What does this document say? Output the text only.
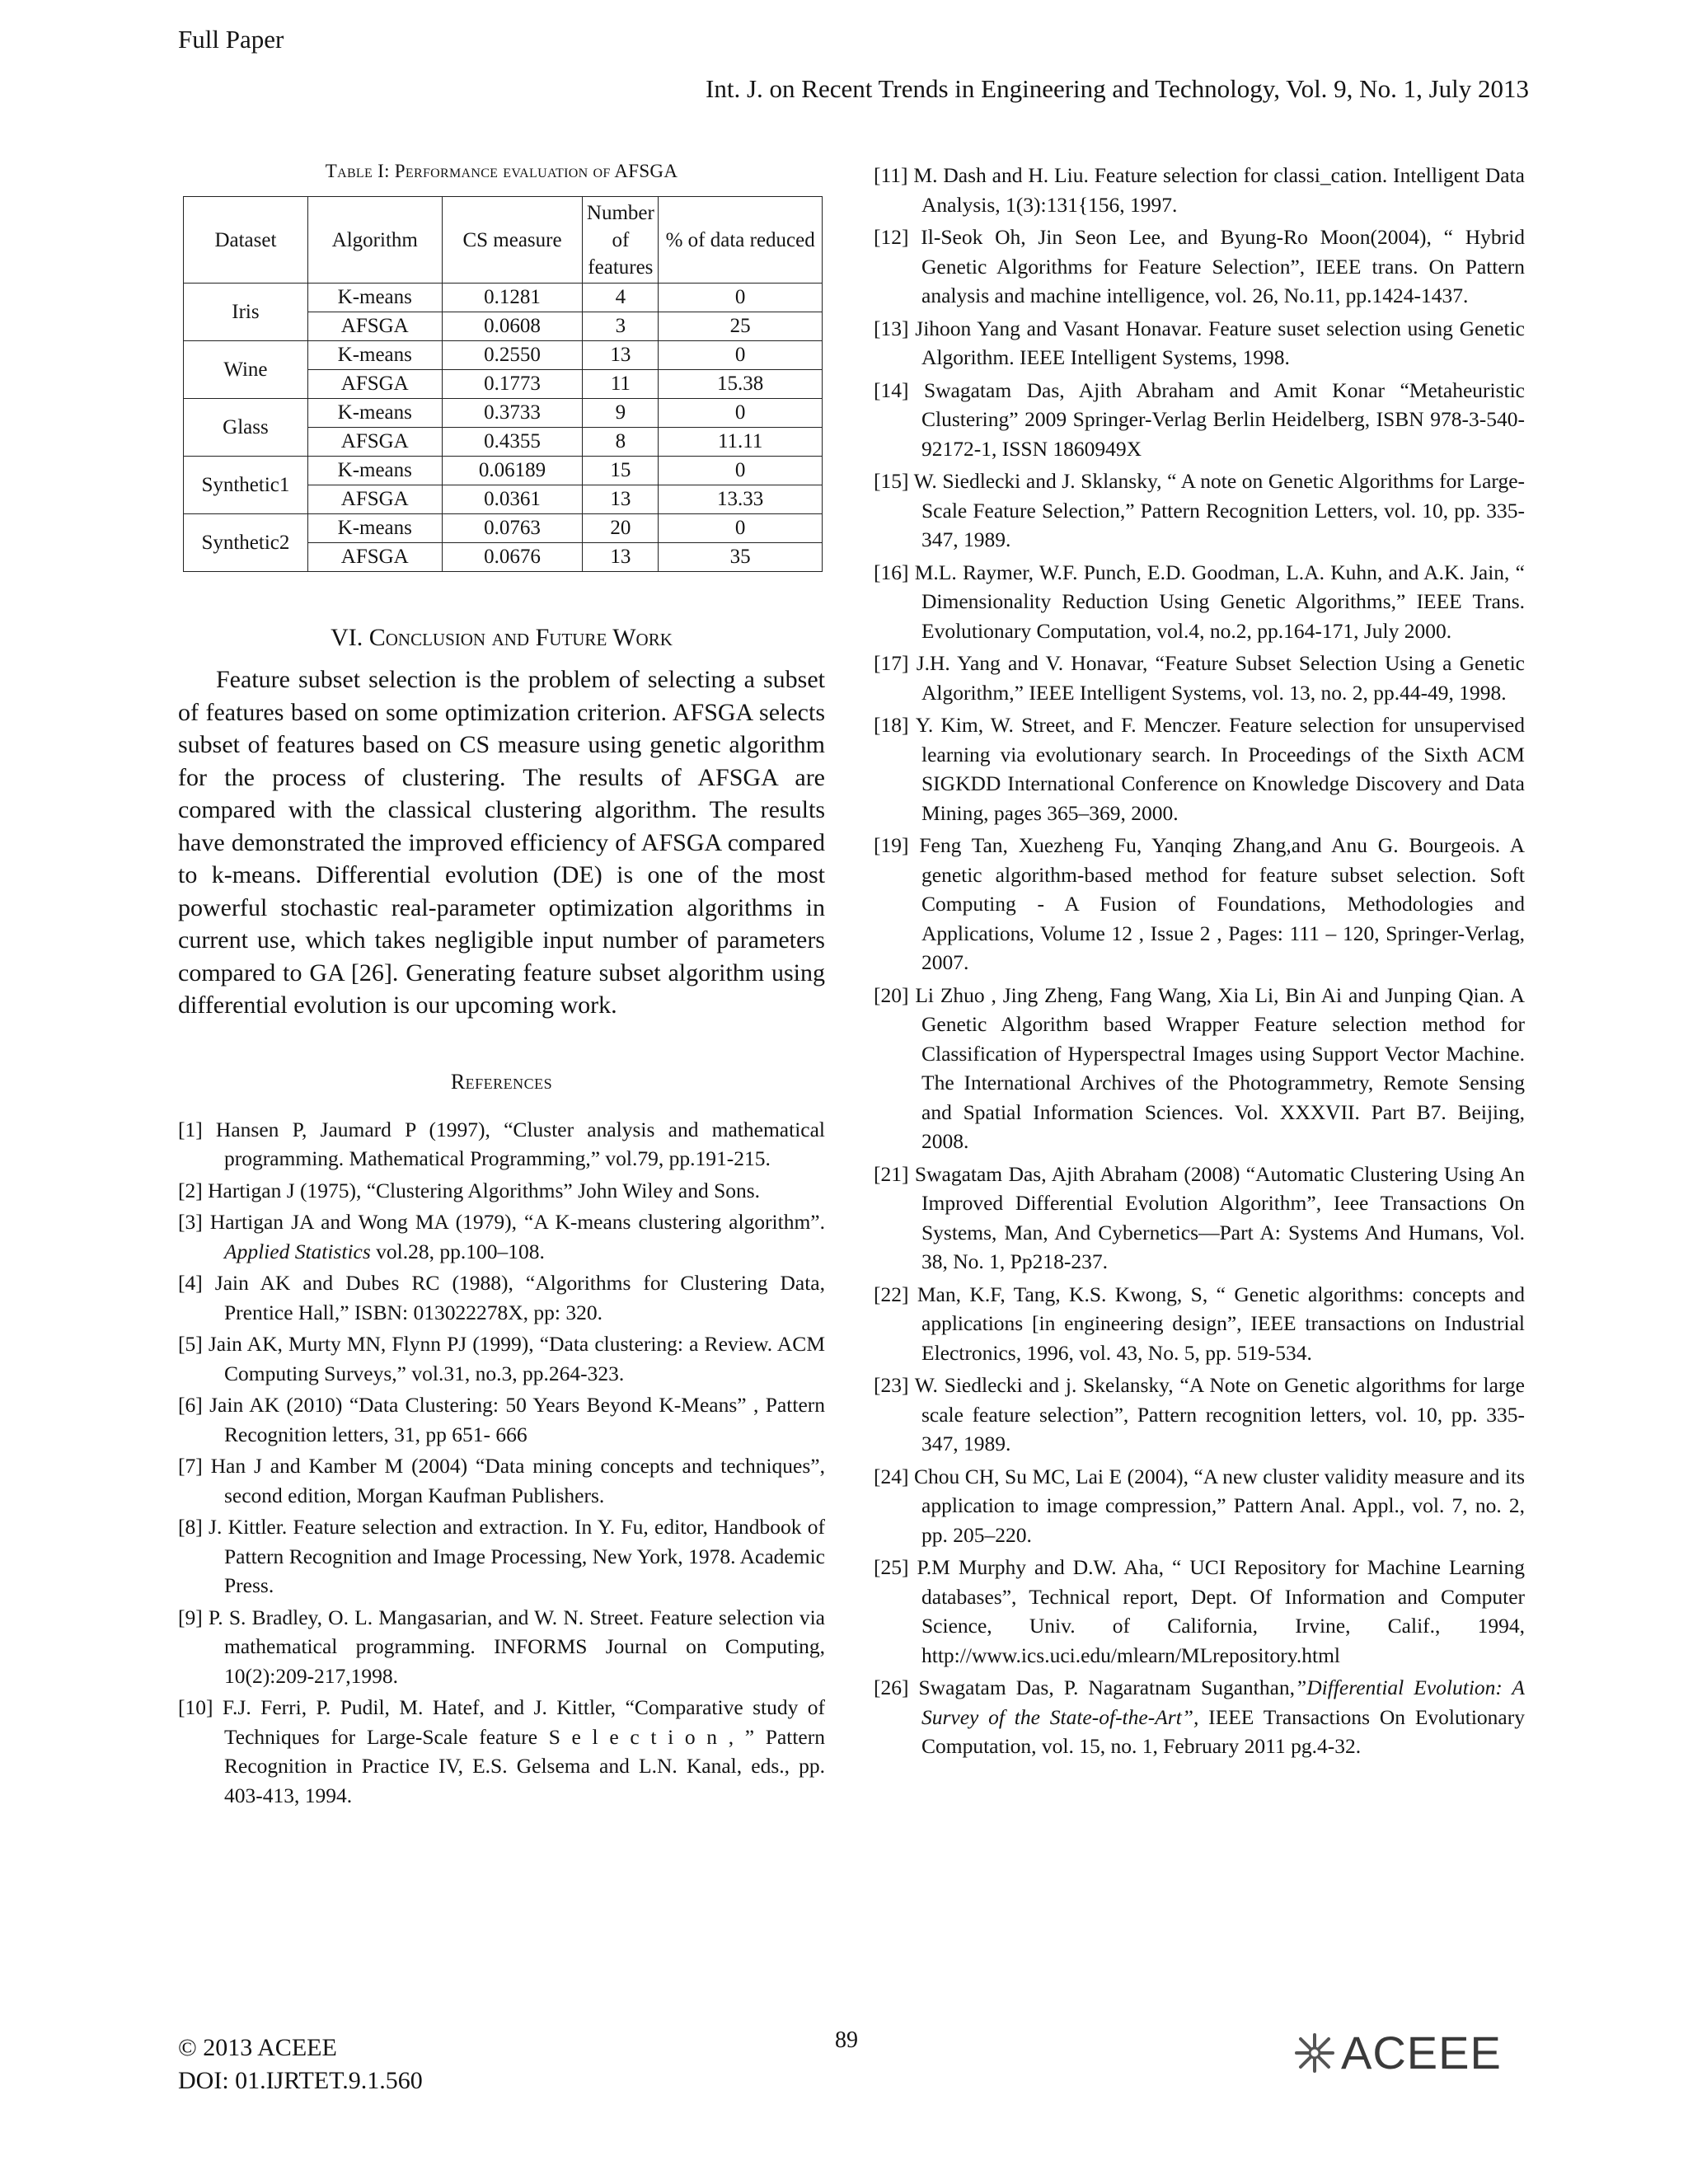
Full Paper
Int. J. on Recent Trends in Engineering and Technology, Vol. 9, No. 1, July 2013
Table I: Performance evaluation of AFSGA
Dataset	Algorithm	CS measure	Number of features	% of data reduced
Iris	K-means	0.1281	4	0
	AFSGA	0.0608	3	25
Wine	K-means	0.2550	13	0
	AFSGA	0.1773	11	15.38
Glass	K-means	0.3733	9	0
	AFSGA	0.4355	8	11.11
Synthetic1	K-means	0.06189	15	0
	AFSGA	0.0361	13	13.33
Synthetic2	K-means	0.0763	20	0
	AFSGA	0.0676	13	35
VI. Conclusion and Future Work

Feature subset selection is the problem of selecting a subset of features based on some optimization criterion. AFSGA selects subset of features based on CS measure using genetic algorithm for the process of clustering. The results of AFSGA are compared with the classical clustering algorithm. The results have demonstrated the improved efficiency of AFSGA compared to k-means. Differential evolution (DE) is one of the most powerful stochastic real-parameter optimization algorithms in current use, which takes negligible input number of parameters compared to GA [26]. Generating feature subset algorithm using differential evolution is our upcoming work.

References

[1] Hansen P, Jaumard P (1997), “Cluster analysis and mathematical programming. Mathematical Programming,” vol.79, pp.191-215.

[2] Hartigan J (1975), “Clustering Algorithms” John Wiley and Sons.

[3] Hartigan JA and Wong MA (1979), “A K-means clustering algorithm”. Applied Statistics vol.28, pp.100–108.

[4] Jain AK and Dubes RC (1988), “Algorithms for Clustering Data, Prentice Hall,” ISBN: 013022278X, pp: 320.

[5] Jain AK, Murty MN, Flynn PJ (1999), “Data clustering: a Review. ACM Computing Surveys,” vol.31, no.3, pp.264-323.

[6] Jain AK (2010) “Data Clustering: 50 Years Beyond K-Means” , Pattern Recognition letters, 31, pp 651- 666

[7] Han J and Kamber M (2004) “Data mining concepts and techniques”, second edition, Morgan Kaufman Publishers.

[8] J. Kittler. Feature selection and extraction. In Y. Fu, editor, Handbook of Pattern Recognition and Image Processing, New York, 1978. Academic Press.

[9] P. S. Bradley, O. L. Mangasarian, and W. N. Street. Feature selection via mathematical programming. INFORMS Journal on Computing, 10(2):209-217,1998.

[10] F.J. Ferri, P. Pudil, M. Hatef, and J. Kittler, “Comparative study of Techniques for Large-Scale feature S e l e c t i o n , ” Pattern Recognition in Practice IV, E.S. Gelsema and L.N. Kanal, eds., pp. 403-413, 1994.

[11] M. Dash and H. Liu. Feature selection for classi_cation. Intelligent Data Analysis, 1(3):131{156, 1997.

[12] Il-Seok Oh, Jin Seon Lee, and Byung-Ro Moon(2004), “ Hybrid Genetic Algorithms for Feature Selection”, IEEE trans. On Pattern analysis and machine intelligence, vol. 26, No.11, pp.1424-1437.

[13] Jihoon Yang and Vasant Honavar. Feature suset selection using Genetic Algorithm. IEEE Intelligent Systems, 1998.

[14] Swagatam Das, Ajith Abraham and Amit Konar “Metaheuristic Clustering” 2009 Springer-Verlag Berlin Heidelberg, ISBN 978-3-540-92172-1, ISSN 1860949X

[15] W. Siedlecki and J. Sklansky, “ A note on Genetic Algorithms for Large-Scale Feature Selection,” Pattern Recognition Letters, vol. 10, pp. 335-347, 1989.

[16] M.L. Raymer, W.F. Punch, E.D. Goodman, L.A. Kuhn, and A.K. Jain, “ Dimensionality Reduction Using Genetic Algorithms,” IEEE Trans. Evolutionary Computation, vol.4, no.2, pp.164-171, July 2000.

[17] J.H. Yang and V. Honavar, “Feature Subset Selection Using a Genetic Algorithm,” IEEE Intelligent Systems, vol. 13, no. 2, pp.44-49, 1998.

[18] Y. Kim, W. Street, and F. Menczer. Feature selection for unsupervised learning via evolutionary search. In Proceedings of the Sixth ACM SIGKDD International Conference on Knowledge Discovery and Data Mining, pages 365–369, 2000.

[19] Feng Tan, Xuezheng Fu, Yanqing Zhang,and Anu G. Bourgeois. A genetic algorithm-based method for feature subset selection. Soft Computing - A Fusion of Foundations, Methodologies and Applications, Volume 12 , Issue 2 , Pages: 111 – 120, Springer-Verlag, 2007.

[20] Li Zhuo , Jing Zheng, Fang Wang, Xia Li, Bin Ai and Junping Qian. A Genetic Algorithm based Wrapper Feature selection method for Classification of Hyperspectral Images using Support Vector Machine. The International Archives of the Photogrammetry, Remote Sensing and Spatial Information Sciences. Vol. XXXVII. Part B7. Beijing, 2008.

[21] Swagatam Das, Ajith Abraham (2008) “Automatic Clustering Using An Improved Differential Evolution Algorithm”, Ieee Transactions On Systems, Man, And Cybernetics—Part A: Systems And Humans, Vol. 38, No. 1, Pp218-237.

[22] Man, K.F, Tang, K.S. Kwong, S, “ Genetic algorithms: concepts and applications [in engineering design”, IEEE transactions on Industrial Electronics, 1996, vol. 43, No. 5, pp. 519-534.

[23] W. Siedlecki and j. Skelansky, “A Note on Genetic algorithms for large scale feature selection”, Pattern recognition letters, vol. 10, pp. 335-347, 1989.

[24] Chou CH, Su MC, Lai E (2004), “A new cluster validity measure and its application to image compression,” Pattern Anal. Appl., vol. 7, no. 2, pp. 205–220.

[25] P.M Murphy and D.W. Aha, “ UCI Repository for Machine Learning databases”, Technical report, Dept. Of Information and Computer Science, Univ. of California, Irvine, Calif., 1994, http://www.ics.uci.edu/mlearn/MLrepository.html

[26] Swagatam Das, P. Nagaratnam Suganthan,”Differential Evolution: A Survey of the State-of-the-Art”, IEEE Transactions On Evolutionary Computation, vol. 15, no. 1, February 2011 pg.4-32.

89
© 2013 ACEEE
DOI: 01.IJRTET.9.1.560
ACEEE
